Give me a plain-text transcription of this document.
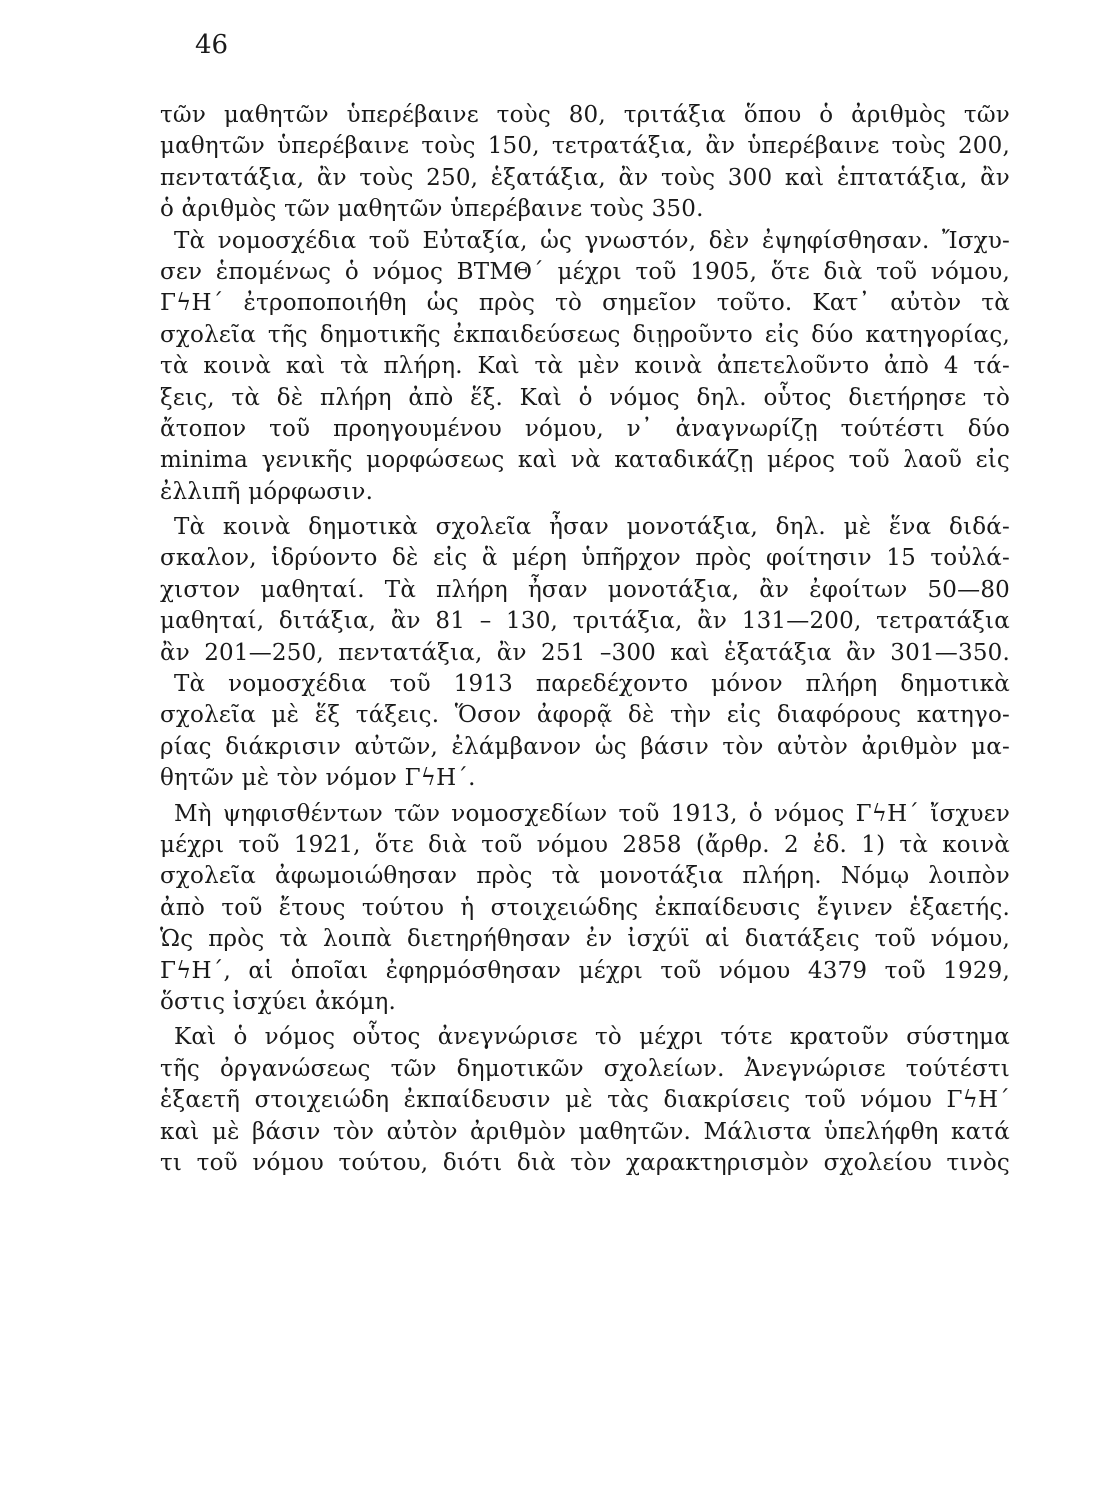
46
τῶν μαθητῶν ὑπερέβαινε τοὺς 80, τριτάξια ὅπου ὁ ἀριθμὸς τῶν
μαθητῶν ὑπερέβαινε τοὺς 150, τετρατάξια, ἂν ὑπερέβαινε τοὺς 200,
πεντατάξια, ἂν τοὺς 250, ἑξατάξια, ἂν τοὺς 300 καὶ ἑπτατάξια, ἂν
ὁ ἀριθμὸς τῶν μαθητῶν ὑπερέβαινε τοὺς 350.
Τὰ νομοσχέδια τοῦ Εὐταξία, ὡς γνωστόν, δὲν ἐψηφίσθησαν. Ἴσχυ-
σεν ἑπομένως ὁ νόμος ΒΤΜΘ΄ μέχρι τοῦ 1905, ὅτε διὰ τοῦ νόμου,
ΓϟΗ΄ ἐτροποποιήθη ὡς πρὸς τὸ σημεῖον τοῦτο. Κατ᾽ αὐτὸν τὰ
σχολεῖα τῆς δημοτικῆς ἐκπαιδεύσεως διῃροῦντο εἰς δύο κατηγορίας,
τὰ κοινὰ καὶ τὰ πλήρη. Καὶ τὰ μὲν κοινὰ ἀπετελοῦντο ἀπὸ 4 τά-
ξεις, τὰ δὲ πλήρη ἀπὸ ἕξ. Καὶ ὁ νόμος δηλ. οὗτος διετήρησε τὸ
ἄτοπον τοῦ προηγουμένου νόμου, ν᾽ ἀναγνωρίζῃ τούτέστι δύο
minima γενικῆς μορφώσεως καὶ νὰ καταδικάζῃ μέρος τοῦ λαοῦ εἰς
ἐλλιπῆ μόρφωσιν.
Τὰ κοινὰ δημοτικὰ σχολεῖα ἦσαν μονοτάξια, δηλ. μὲ ἕνα διδά-
σκαλον, ἱδρύοντο δὲ εἰς ἃ μέρη ὑπῆρχον πρὸς φοίτησιν 15 τοὐλά-
χιστον μαθηταί. Τὰ πλήρη ἦσαν μονοτάξια, ἂν ἐφοίτων 50—80
μαθηταί, διτάξια, ἂν 81 – 130, τριτάξια, ἂν 131—200, τετρατάξια
ἂν 201—250, πεντατάξια, ἂν 251 –300 καὶ ἑξατάξια ἂν 301—350.
Τὰ νομοσχέδια τοῦ 1913 παρεδέχοντο μόνον πλήρη δημοτικὰ
σχολεῖα μὲ ἕξ τάξεις. Ὅσον ἀφορᾷ δὲ τὴν εἰς διαφόρους κατηγο-
ρίας διάκρισιν αὐτῶν, ἐλάμβανον ὡς βάσιν τὸν αὐτὸν ἀριθμὸν μα-
θητῶν μὲ τὸν νόμον ΓϟΗ΄.
Μὴ ψηφισθέντων τῶν νομοσχεδίων τοῦ 1913, ὁ νόμος ΓϟΗ΄ ἴσχυεν
μέχρι τοῦ 1921, ὅτε διὰ τοῦ νόμου 2858 (ἄρθρ. 2 ἐδ. 1) τὰ κοινὰ
σχολεῖα ἀφωμοιώθησαν πρὸς τὰ μονοτάξια πλήρη. Νόμῳ λοιπὸν
ἀπὸ τοῦ ἔτους τούτου ἡ στοιχειώδης ἐκπαίδευσις ἔγινεν ἑξαετής.
Ὡς πρὸς τὰ λοιπὰ διετηρήθησαν ἐν ἰσχύϊ αἱ διατάξεις τοῦ νόμου,
ΓϟΗ΄, αἱ ὁποῖαι ἐφηρμόσθησαν μέχρι τοῦ νόμου 4379 τοῦ 1929,
ὅστις ἰσχύει ἀκόμη.
Καὶ ὁ νόμος οὗτος ἀνεγνώρισε τὸ μέχρι τότε κρατοῦν σύστημα
τῆς ὀργανώσεως τῶν δημοτικῶν σχολείων. Ἀνεγνώρισε τούτέστι
ἑξαετῆ στοιχειώδη ἐκπαίδευσιν μὲ τὰς διακρίσεις τοῦ νόμου ΓϟΗ΄
καὶ μὲ βάσιν τὸν αὐτὸν ἀριθμὸν μαθητῶν. Μάλιστα ὑπελήφθη κατά
τι τοῦ νόμου τούτου, διότι διὰ τὸν χαρακτηρισμὸν σχολείου τινὸς
